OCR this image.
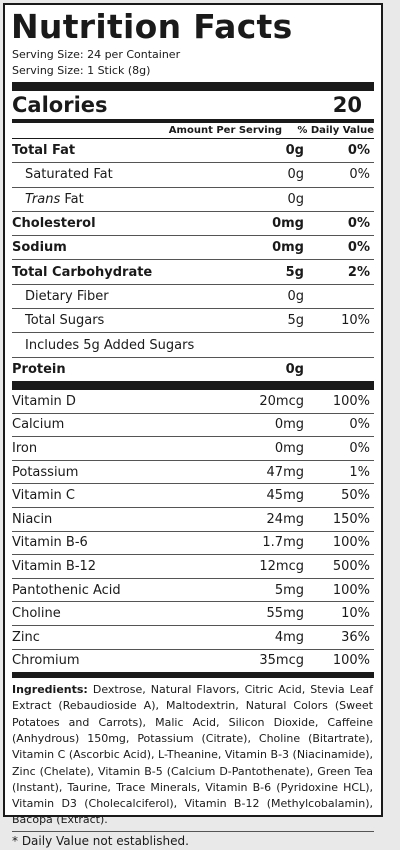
Nutrition Facts
Serving Size: 24 per Container
Serving Size: 1 Stick (8g)
Calories	20
Amount Per Serving	% Daily Value
Total Fat	0g	0%
Saturated Fat	0g	0%
Trans Fat	0g
Cholesterol	0mg	0%
Sodium	0mg	0%
Total Carbohydrate	5g	2%
Dietary Fiber	0g
Total Sugars	5g	10%
Includes 5g Added Sugars
Protein	0g
Vitamin D	20mcg	100%
Calcium	0mg	0%
Iron	0mg	0%
Potassium	47mg	1%
Vitamin C	45mg	50%
Niacin	24mg	150%
Vitamin B-6	1.7mg	100%
Vitamin B-12	12mcg	500%
Pantothenic Acid	5mg	100%
Choline	55mg	10%
Zinc	4mg	36%
Chromium	35mcg	100%
Ingredients: Dextrose, Natural Flavors, Citric Acid, Stevia Leaf Extract (Rebaudioside A), Maltodextrin, Natural Colors (Sweet Potatoes and Carrots), Malic Acid, Silicon Dioxide, Caffeine (Anhydrous) 150mg, Potassium (Citrate), Choline (Bitartrate), Vitamin C (Ascorbic Acid), L-Theanine, Vitamin B-3 (Niacinamide), Zinc (Chelate), Vitamin B-5 (Calcium D-Pantothenate), Green Tea (Instant), Taurine, Trace Minerals, Vitamin B-6 (Pyridoxine HCL), Vitamin D3 (Cholecalciferol), Vitamin B-12 (Methylcobalamin), Bacopa (Extract).
* Daily Value not established.
